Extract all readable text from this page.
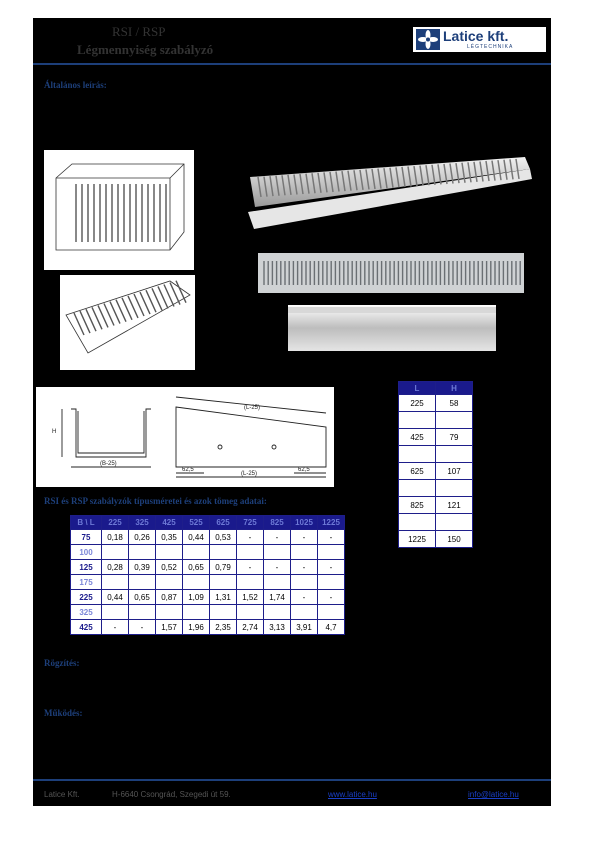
RSI / RSP
Légmennyiség szabályzó
Latice kft.
LÉGTECHNIKA
Általános leírás:
H
(B-25)
(L-25)
(L-25)
62,5	62,5
L	H
225	58

425	79

625	107

825	121

1225	150
RSI és RSP szabályzók típusméretei és azok tömeg adatai:
B \ L	225	325	425	525	625	725	825	1025	1225
75	0,18	0,26	0,35	0,44	0,53	-	-	-	-
100									
125	0,28	0,39	0,52	0,65	0,79	-	-	-	-
175									
225	0,44	0,65	0,87	1,09	1,31	1,52	1,74	-	-
325									
425	-	-	1,57	1,96	2,35	2,74	3,13	3,91	4,7
Rögzítés:
Működés:
Latice Kft.	H-6640 Csongrád, Szegedi út 59.	www.latice.hu	info@latice.hu
